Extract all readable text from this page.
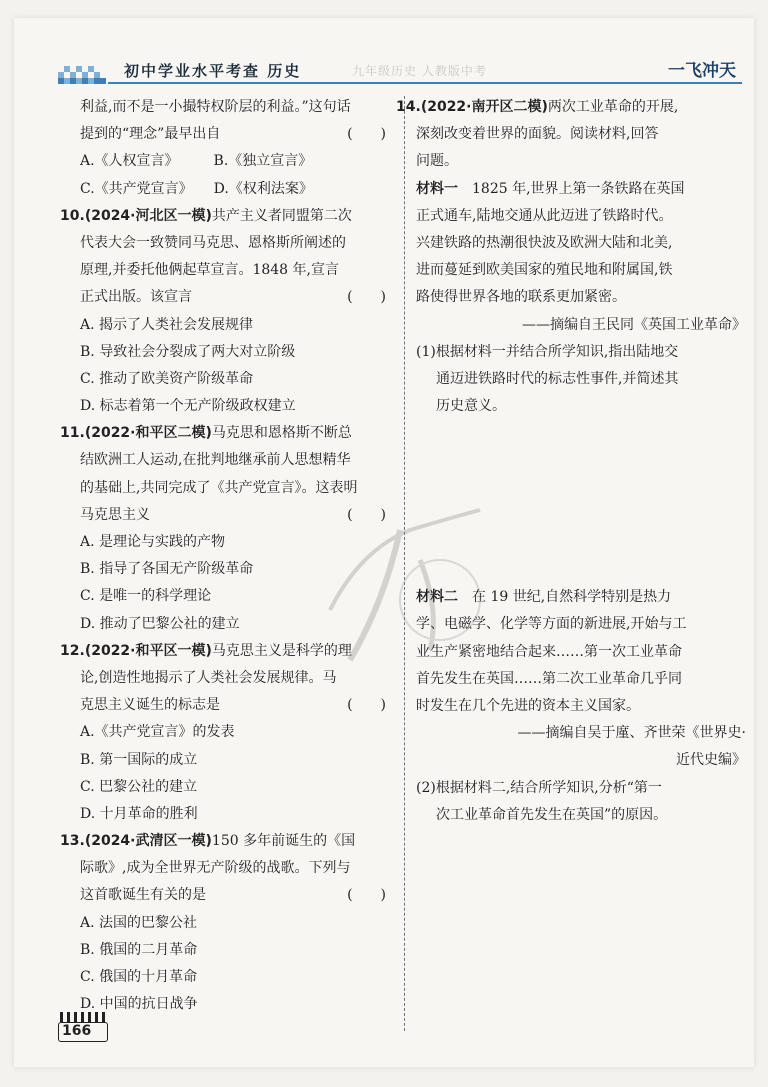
初中学业水平考查 历史	九年级历史 人教版中考	一飞冲天
利益,而不是一小撮特权阶层的利益。”这句话
提到的“理念”最早出自	(　　)
A.《人权宣言》　　　B.《独立宣言》
C.《共产党宣言》　　D.《权利法案》
10.(2024·河北区一模)共产主义者同盟第二次
代表大会一致赞同马克思、恩格斯所阐述的
原理,并委托他俩起草宣言。1848 年,宣言
正式出版。该宣言	(　　)
A. 揭示了人类社会发展规律
B. 导致社会分裂成了两大对立阶级
C. 推动了欧美资产阶级革命
D. 标志着第一个无产阶级政权建立
11.(2022·和平区二模)马克思和恩格斯不断总
结欧洲工人运动,在批判地继承前人思想精华
的基础上,共同完成了《共产党宣言》。这表明
马克思主义	(　　)
A. 是理论与实践的产物
B. 指导了各国无产阶级革命
C. 是唯一的科学理论
D. 推动了巴黎公社的建立
12.(2022·和平区一模)马克思主义是科学的理
论,创造性地揭示了人类社会发展规律。马
克思主义诞生的标志是	(　　)
A.《共产党宣言》的发表
B. 第一国际的成立
C. 巴黎公社的建立
D. 十月革命的胜利
13.(2024·武清区一模)150 多年前诞生的《国
际歌》,成为全世界无产阶级的战歌。下列与
这首歌诞生有关的是	(　　)
A. 法国的巴黎公社
B. 俄国的二月革命
C. 俄国的十月革命
D. 中国的抗日战争
14.(2022·南开区二模)两次工业革命的开展,
深刻改变着世界的面貌。阅读材料,回答
问题。
材料一　1825 年,世界上第一条铁路在英国
正式通车,陆地交通从此迈进了铁路时代。
兴建铁路的热潮很快波及欧洲大陆和北美,
进而蔓延到欧美国家的殖民地和附属国,铁
路使得世界各地的联系更加紧密。
——摘编自王民同《英国工业革命》
(1)根据材料一并结合所学知识,指出陆地交
通迈进铁路时代的标志性事件,并简述其
历史意义。
材料二　在 19 世纪,自然科学特别是热力
学、电磁学、化学等方面的新进展,开始与工
业生产紧密地结合起来……第一次工业革命
首先发生在英国……第二次工业革命几乎同
时发生在几个先进的资本主义国家。
——摘编自吴于廑、齐世荣《世界史·
近代史编》
(2)根据材料二,结合所学知识,分析“第一
次工业革命首先发生在英国”的原因。
166
